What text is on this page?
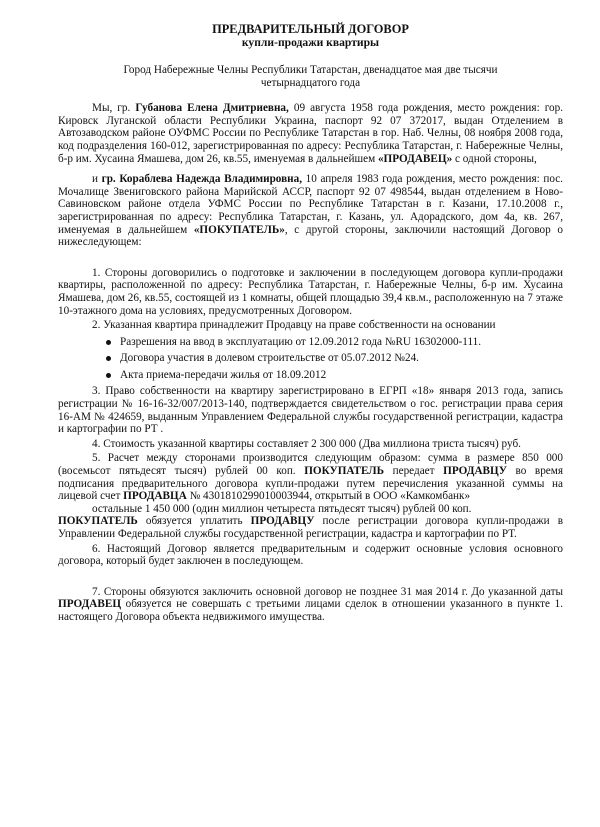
ПРЕДВАРИТЕЛЬНЫЙ ДОГОВОР
купли-продажи квартиры
Город Набережные Челны Республики Татарстан, двенадцатое мая две тысячи четырнадцатого года

Мы, гр. Губанова Елена Дмитриевна, 09 августа 1958 года рождения, место рождения: гор. Кировск Луганской области Республики Украина, паспорт 92 07 372017, выдан Отделением в Автозаводском районе ОУФМС России по Республике Татарстан в гор. Наб. Челны, 08 ноября 2008 года, код подразделения 160-012, зарегистрированная по адресу: Республика Татарстан, г. Набережные Челны, б-р им. Хусаина Ямашева, дом 26, кв.55, именуемая в дальнейшем «ПРОДАВЕЦ» с одной стороны,

и гр. Кораблева Надежда Владимировна, 10 апреля 1983 года рождения, место рождения: пос. Мочалище Звениговского района Марийской АССР, паспорт 92 07 498544, выдан отделением в Ново-Савиновском районе отдела УФМС России по Республике Татарстан в г. Казани, 17.10.2008 г., зарегистрированная по адресу: Республика Татарстан, г. Казань, ул. Адорадского, дом 4а, кв. 267, именуемая в дальнейшем «ПОКУПАТЕЛЬ», с другой стороны, заключили настоящий Договор о нижеследующем:

1. Стороны договорились о подготовке и заключении в последующем договора купли-продажи квартиры, расположенной по адресу: Республика Татарстан, г. Набережные Челны, б-р им. Хусаина Ямашева, дом 26, кв.55, состоящей из 1 комнаты, общей площадью 39,4 кв.м., расположенную на 7 этаже 10-этажного дома на условиях, предусмотренных Договором.

2. Указанная квартира принадлежит Продавцу на праве собственности на основании

Разрешения на ввод в эксплуатацию от 12.09.2012 года №RU 16302000-111.
Договора участия в долевом строительстве от 05.07.2012 №24.
Акта приема-передачи жилья от 18.09.2012

3. Право собственности на квартиру зарегистрировано в ЕГРП «18» января 2013 года, запись регистрации № 16-16-32/007/2013-140, подтверждается свидетельством о гос. регистрации права серия 16-АМ № 424659, выданным Управлением Федеральной службы государственной регистрации, кадастра и картографии по РТ .

4. Стоимость указанной квартиры составляет 2 300 000 (Два миллиона триста тысяч) руб.

5. Расчет между сторонами производится следующим образом: сумма в размере 850 000 (восемьсот пятьдесят тысяч) рублей 00 коп. ПОКУПАТЕЛЬ передает ПРОДАВЦУ во время подписания предварительного договора купли-продажи путем перечисления указанной суммы на лицевой счет ПРОДАВЦА № 4301810299010003944, открытый в ООО «Камкомбанк»

остальные 1 450 000 (один миллион четыреста пятьдесят тысяч) рублей 00 коп.

ПОКУПАТЕЛЬ обязуется уплатить ПРОДАВЦУ после регистрации договора купли-продажи в Управлении Федеральной службы государственной регистрации, кадастра и картографии по РТ.

6. Настоящий Договор является предварительным и содержит основные условия основного договора, который будет заключен в последующем.

7. Стороны обязуются заключить основной договор не позднее 31 мая 2014 г. До указанной даты ПРОДАВЕЦ обязуется не совершать с третьими лицами сделок в отношении указанного в пункте 1. настоящего Договора объекта недвижимого имущества.
